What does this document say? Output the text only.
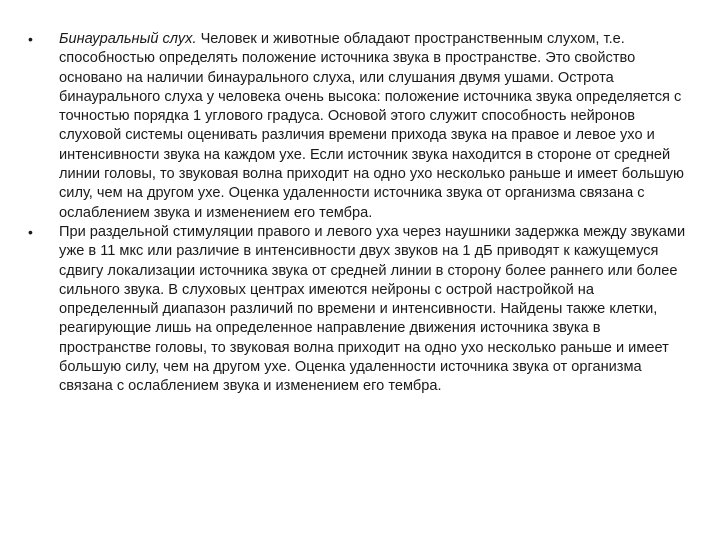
• Бинауральный слух. Человек и животные обладают пространственным слухом, т.е. способностью определять положение источника звука в пространстве. Это свойство основано на наличии бинаурального слуха, или слушания двумя ушами. Острота бинаурального слуха у человека очень высока: положение источника звука определяется с точностью порядка 1 углового градуса. Основой этого служит способность нейронов слуховой системы оценивать различия времени прихода звука на правое и левое ухо и интенсивности звука на каждом ухе. Если источник звука находится в стороне от средней линии головы, то звуковая волна приходит на одно ухо несколько раньше и имеет большую силу, чем на другом ухе. Оценка удаленности источника звука от организма связана с ослаблением звука и изменением его тембра.
• При раздельной стимуляции правого и левого уха через наушники задержка между звуками уже в 11 мкс или различие в интенсивности двух звуков на 1 дБ приводят к кажущемуся сдвигу локализации источника звука от средней линии в сторону более раннего или более сильного звука. В слуховых центрах имеются нейроны с острой настройкой на определенный диапазон различий по времени и интенсивности. Найдены также клетки, реагирующие лишь на определенное направление движения источника звука в пространстве головы, то звуковая волна приходит на одно ухо несколько раньше и имеет большую силу, чем на другом ухе. Оценка удаленности источника звука от организма связана с ослаблением звука и изменением его тембра.
